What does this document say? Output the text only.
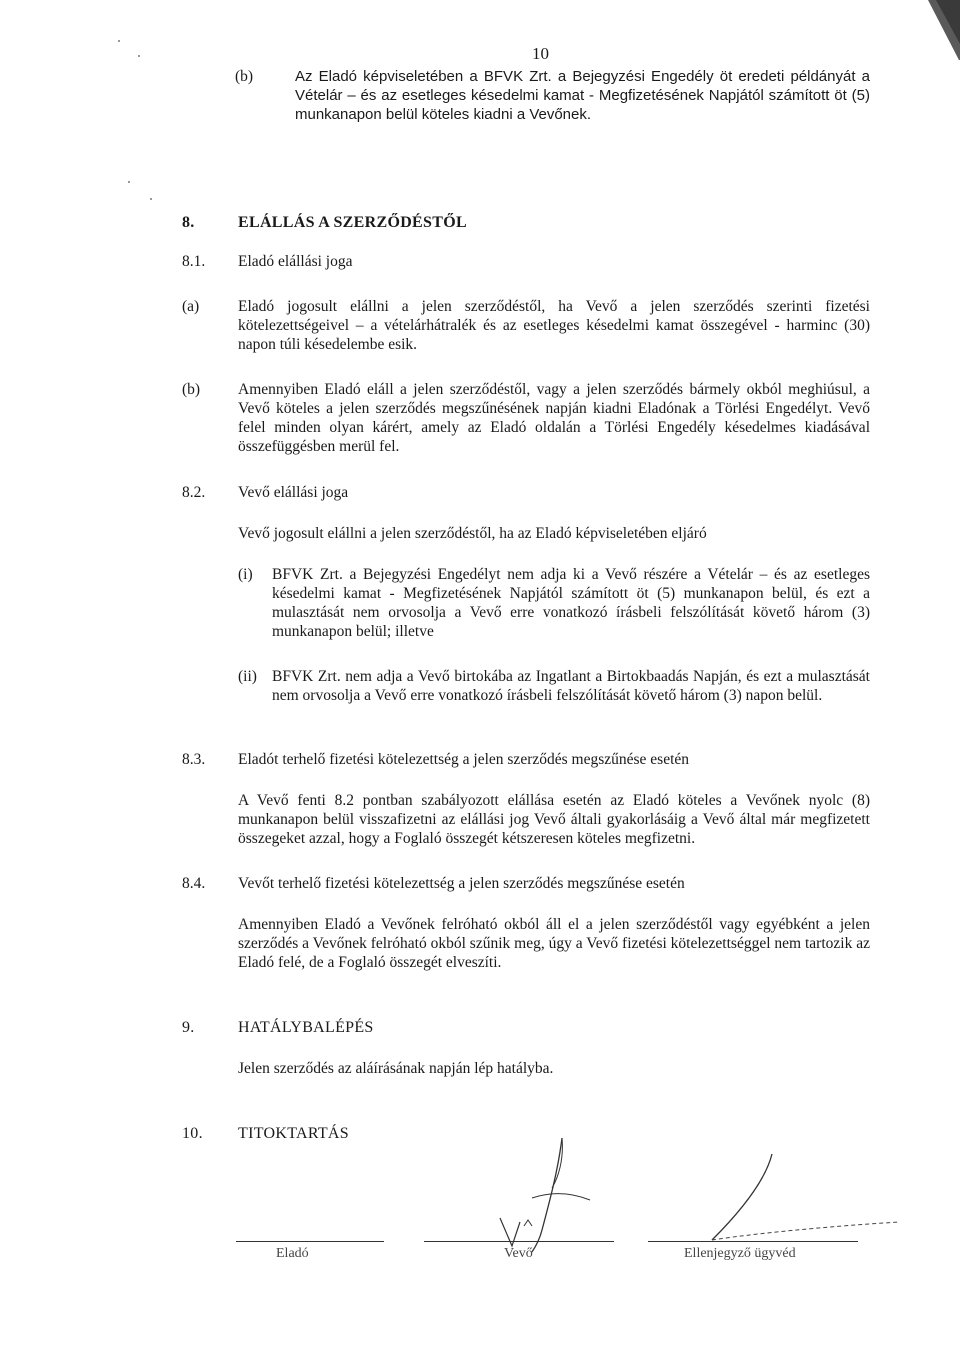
10
(b)	Az Eladó képviseletében a BFVK Zrt. a Bejegyzési Engedély öt eredeti példányát a Vételár – és az esetleges késedelmi kamat - Megfizetésének Napjától számított öt (5) munkanapon belül köteles kiadni a Vevőnek.
8.	ELÁLLÁS A SZERZŐDÉSTŐL
8.1. Eladó elállási joga
(a)	Eladó jogosult elállni a jelen szerződéstől, ha Vevő a jelen szerződés szerinti fizetési kötelezettségeivel – a vételárhátralék és az esetleges késedelmi kamat összegével - harminc (30) napon túli késedelembe esik.
(b) Amennyiben Eladó eláll a jelen szerződéstől, vagy a jelen szerződés bármely okból meghiúsul, a Vevő köteles a jelen szerződés megszűnésének napján kiadni Eladónak a Törlési Engedélyt. Vevő felel minden olyan kárért, amely az Eladó oldalán a Törlési Engedély késedelmes kiadásával összefüggésben merül fel.
8.2. Vevő elállási joga
Vevő jogosult elállni a jelen szerződéstől, ha az Eladó képviseletében eljáró
(i) BFVK Zrt. a Bejegyzési Engedélyt nem adja ki a Vevő részére a Vételár – és az esetleges késedelmi kamat - Megfizetésének Napjától számított öt (5) munkanapon belül, és ezt a mulasztását nem orvosolja a Vevő erre vonatkozó írásbeli felszólítását követő három (3) munkanapon belül; illetve
(ii) BFVK Zrt. nem adja a Vevő birtokába az Ingatlant a Birtokbaadás Napján, és ezt a mulasztását nem orvosolja a Vevő erre vonatkozó írásbeli felszólítását követő három (3) napon belül.
8.3. Eladót terhelő fizetési kötelezettség a jelen szerződés megszűnése esetén
A Vevő fenti 8.2 pontban szabályozott elállása esetén az Eladó köteles a Vevőnek nyolc (8) munkanapon belül visszafizetni az elállási jog Vevő általi gyakorlásáig a Vevő által már megfizetett összegeket azzal, hogy a Foglaló összegét kétszeresen köteles megfizetni.
8.4. Vevőt terhelő fizetési kötelezettség a jelen szerződés megszűnése esetén
Amennyiben Eladó a Vevőnek felróható okból áll el a jelen szerződéstől vagy egyébként a jelen szerződés a Vevőnek felróható okból szűnik meg, úgy a Vevő fizetési kötelezettséggel nem tartozik az Eladó felé, de a Foglaló összegét elveszíti.
9.	HATÁLYBALÉPÉS
Jelen szerződés az aláírásának napján lép hatályba.
10. TITOKTARTÁS
Eladó	Vevő	Ellenjegyző ügyvéd
